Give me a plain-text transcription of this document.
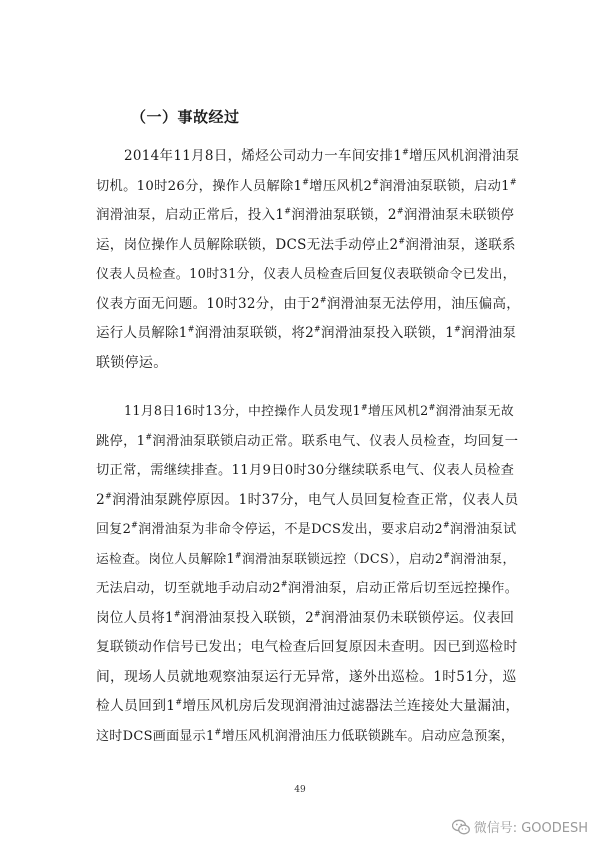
（一）事故经过
2014年11月8日，烯烃公司动力一车间安排1#增压风机润滑油泵
切机。10时26分，操作人员解除1#增压风机2#润滑油泵联锁，启动1#
润滑油泵，启动正常后，投入1#润滑油泵联锁，2#润滑油泵未联锁停
运，岗位操作人员解除联锁，DCS无法手动停止2#润滑油泵，遂联系
仪表人员检查。10时31分，仪表人员检查后回复仪表联锁命令已发出，
仪表方面无问题。10时32分，由于2#润滑油泵无法停用，油压偏高，
运行人员解除1#润滑油泵联锁，将2#润滑油泵投入联锁，1#润滑油泵
联锁停运。
11月8日16时13分，中控操作人员发现1#增压风机2#润滑油泵无故
跳停，1#润滑油泵联锁启动正常。联系电气、仪表人员检查，均回复一
切正常，需继续排查。11月9日0时30分继续联系电气、仪表人员检查
2#润滑油泵跳停原因。1时37分，电气人员回复检查正常，仪表人员
回复2#润滑油泵为非命令停运，不是DCS发出，要求启动2#润滑油泵试
运检查。岗位人员解除1#润滑油泵联锁远控（DCS），启动2#润滑油泵，
无法启动，切至就地手动启动2#润滑油泵，启动正常后切至远控操作。
岗位人员将1#润滑油泵投入联锁，2#润滑油泵仍未联锁停运。仪表回
复联锁动作信号已发出；电气检查后回复原因未查明。因已到巡检时
间，现场人员就地观察油泵运行无异常，遂外出巡检。1时51分，巡
检人员回到1#增压风机房后发现润滑油过滤器法兰连接处大量漏油，
这时DCS画面显示1#增压风机润滑油压力低联锁跳车。启动应急预案，
49
微信号: GOODESH
